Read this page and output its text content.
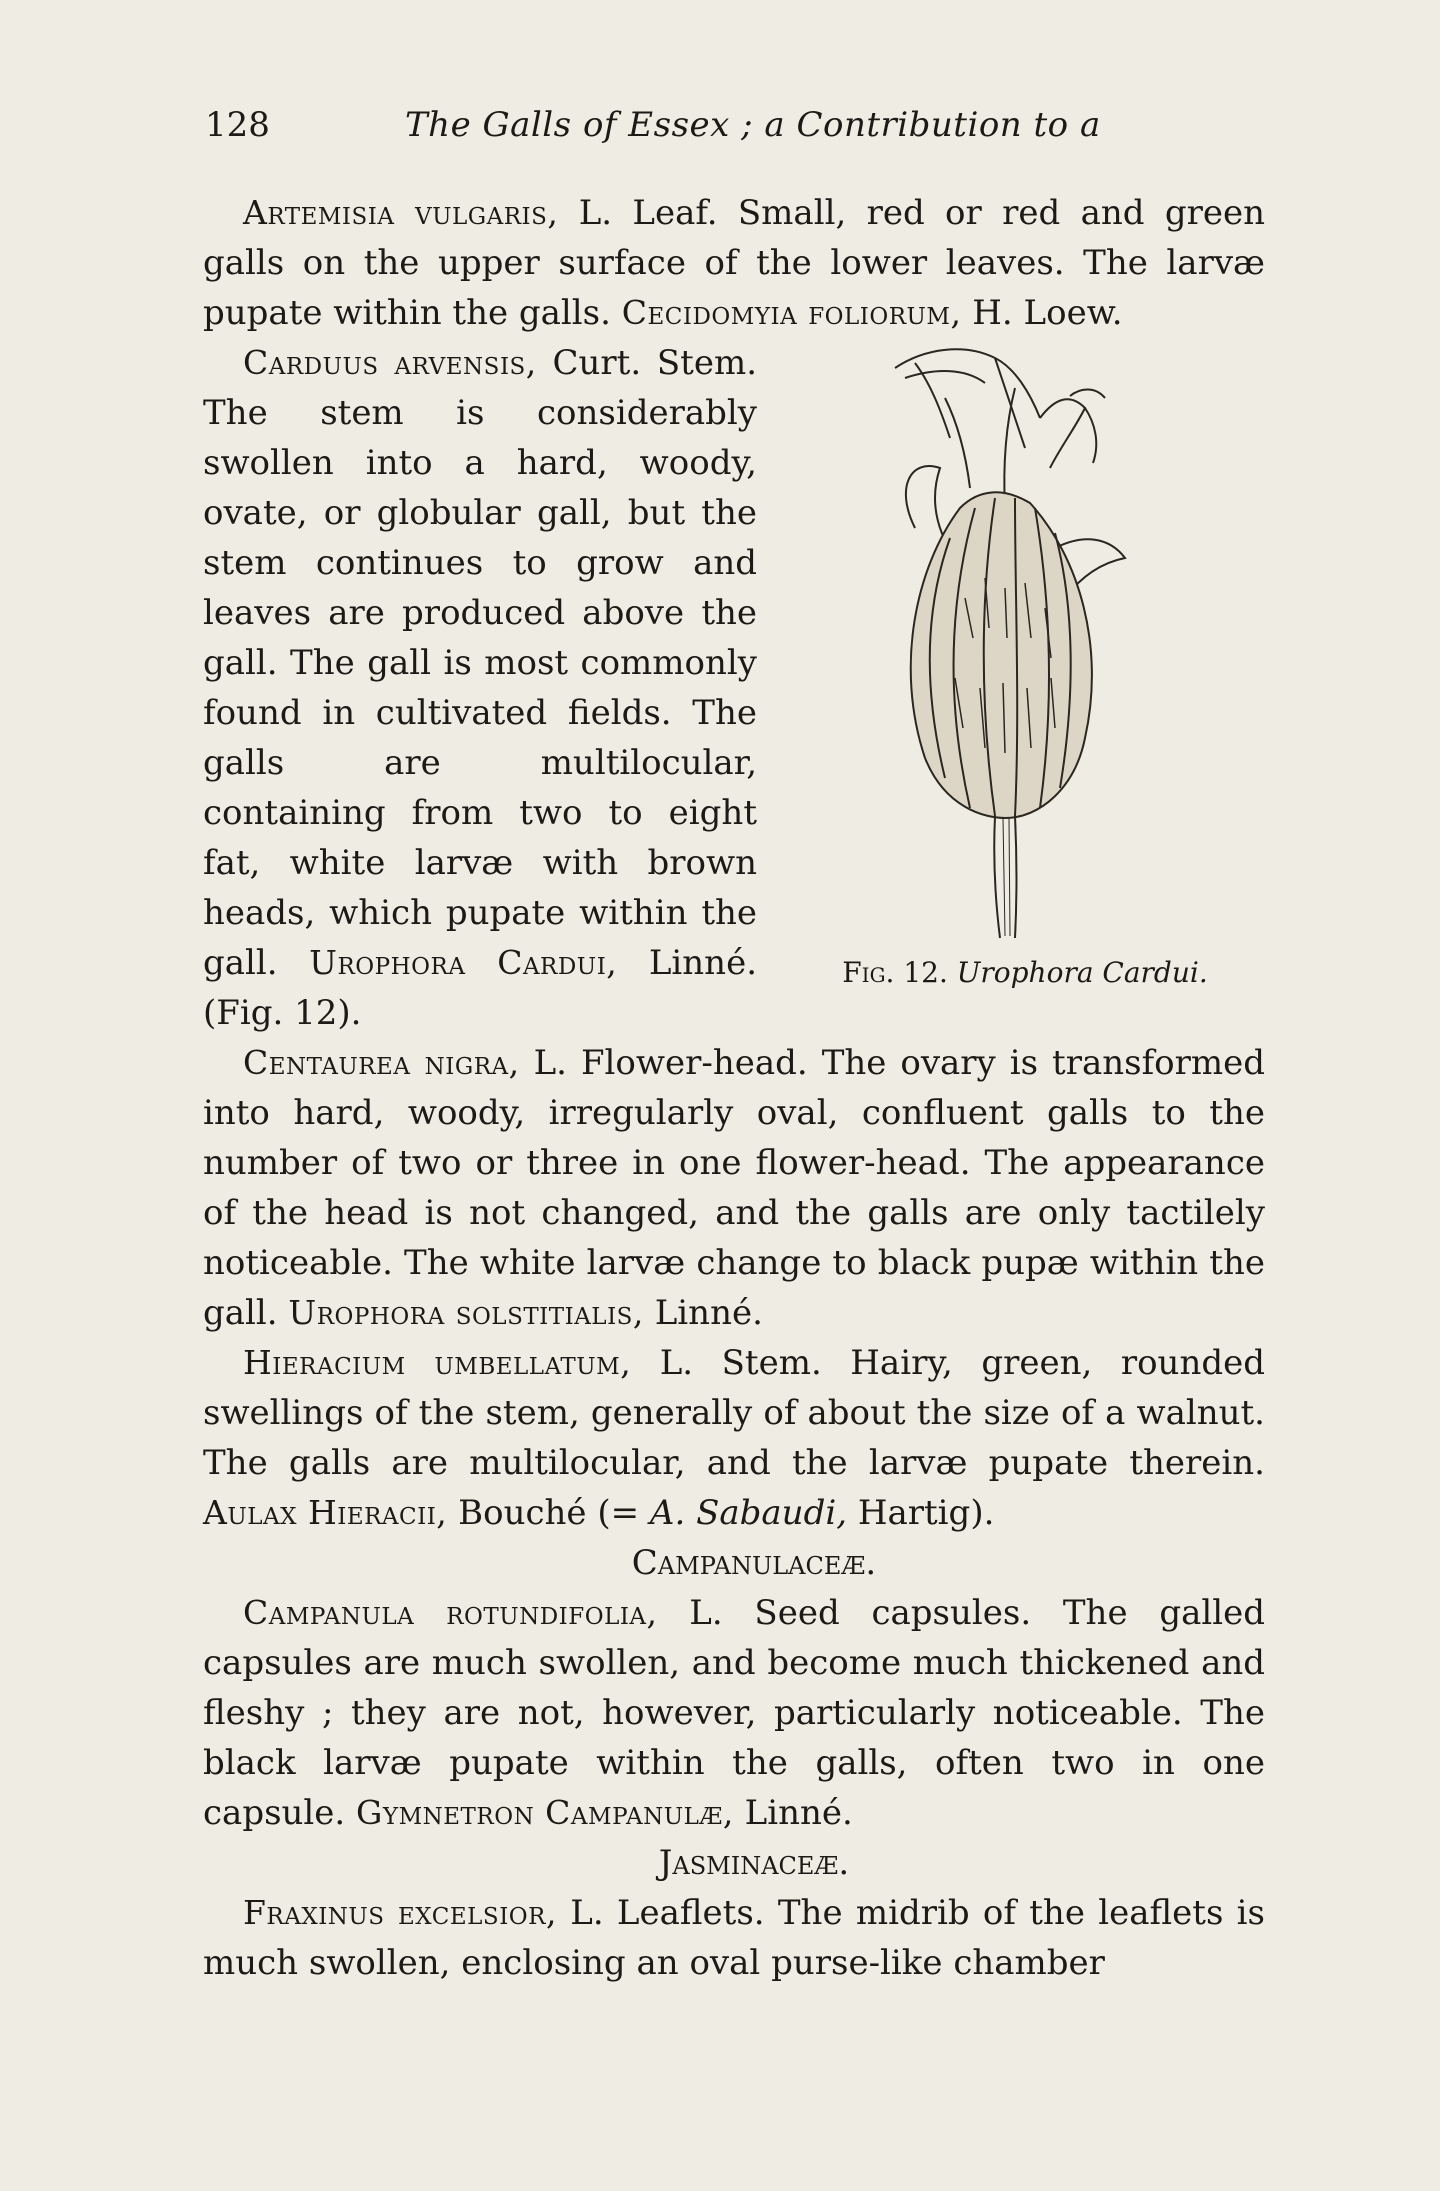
128	The Galls of Essex ; a Contribution to a

Artemisia vulgaris, L. Leaf. Small, red or red and green galls on the upper surface of the lower leaves. The larvæ pupate within the galls. Cecidomyia foliorum, H. Loew.

Fig. 12. Urophora Cardui.

Carduus arvensis, Curt. Stem. The stem is considerably swollen into a hard, woody, ovate, or globular gall, but the stem continues to grow and leaves are produced above the gall. The gall is most commonly found in cultivated fields. The galls are multilocular, containing from two to eight fat, white larvæ with brown heads, which pupate within the gall. Urophora Cardui, Linné. (Fig. 12).

Centaurea nigra, L. Flower-head. The ovary is transformed into hard, woody, irregularly oval, confluent galls to the number of two or three in one flower-head. The appearance of the head is not changed, and the galls are only tactilely noticeable. The white larvæ change to black pupæ within the gall. Urophora solstitialis, Linné.

Hieracium umbellatum, L. Stem. Hairy, green, rounded swellings of the stem, generally of about the size of a walnut. The galls are multilocular, and the larvæ pupate therein. Aulax Hieracii, Bouché (= A. Sabaudi, Hartig).

Campanulaceæ.

Campanula rotundifolia, L. Seed capsules. The galled capsules are much swollen, and become much thickened and fleshy ; they are not, however, particularly noticeable. The black larvæ pupate within the galls, often two in one capsule. Gymnetron Campanulæ, Linné.

Jasminaceæ.

Fraxinus excelsior, L. Leaflets. The midrib of the leaflets is much swollen, enclosing an oval purse-like chamber
